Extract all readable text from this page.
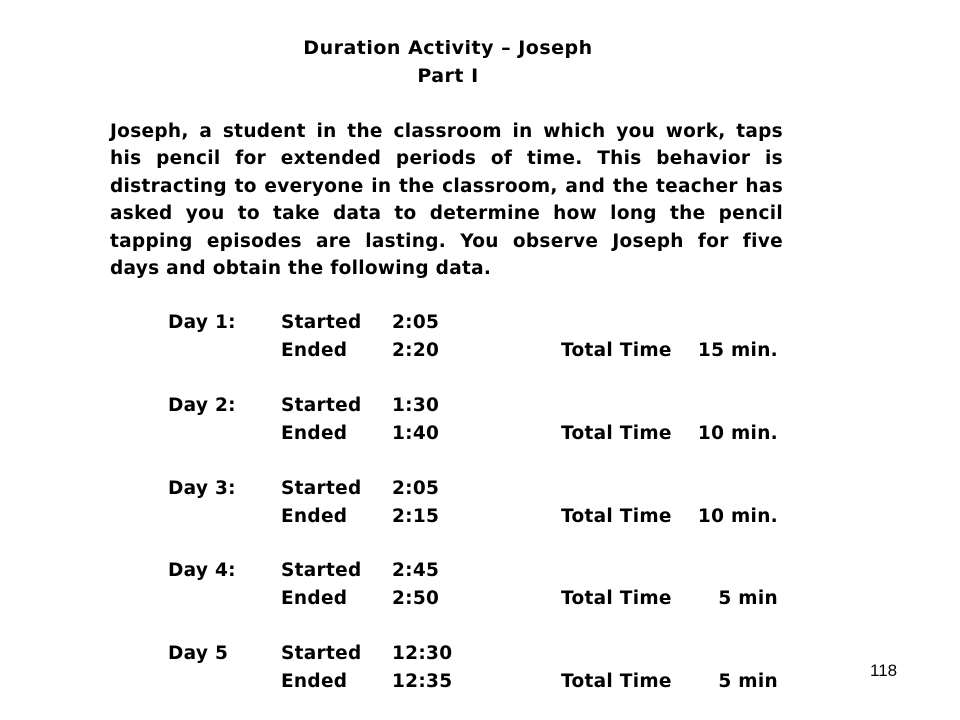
Duration Activity – Joseph
Part I
Joseph, a student in the classroom in which you work, taps
his pencil for extended periods of time. This behavior is
distracting to everyone in the classroom, and the teacher has
asked you to take data to determine how long the pencil
tapping episodes are lasting. You observe Joseph for five
days and obtain the following data.
Day 1: Started 2:05
Ended 2:20	Total Time 15 min.
Day 2: Started 1:30
Ended 1:40	Total Time 10 min.
Day 3: Started 2:05
Ended 2:15	Total Time 10 min.
Day 4: Started 2:45
Ended 2:50	Total Time	5 min
Day 5	Started 12:30
Ended 12:35	Total Time	5 min
118
